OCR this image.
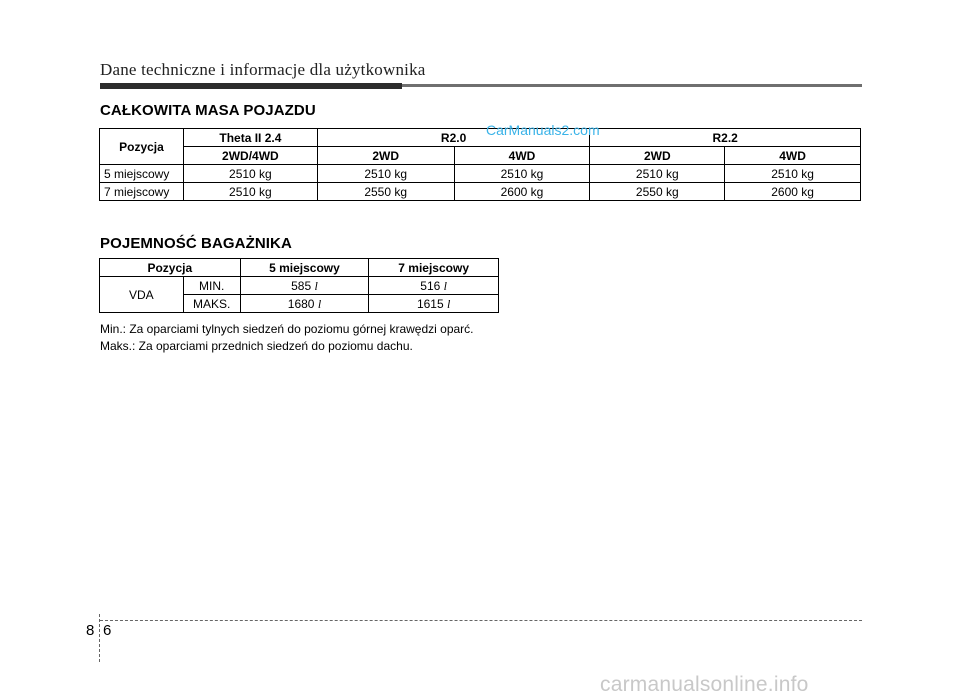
Dane techniczne i informacje dla użytkownika
CAŁKOWITA MASA POJAZDU
Pozycja	Theta II 2.4	R2.0		R2.2	
	2WD/4WD	2WD	4WD	2WD	4WD
5 miejscowy	2510 kg	2510 kg	2510 kg	2510 kg	2510 kg
7 miejscowy	2510 kg	2550 kg	2600 kg	2550 kg	2600 kg
CarManuals2.com
POJEMNOŚĆ BAGAŻNIKA
Pozycja		5 miejscowy	7 miejscowy
VDA	MIN.	585 l	516 l
	MAKS.	1680 l	1615 l
Min.: Za oparciami tylnych siedzeń do poziomu górnej krawędzi oparć.
Maks.: Za oparciami przednich siedzeń do poziomu dachu.
8 6
carmanualsonline.info
